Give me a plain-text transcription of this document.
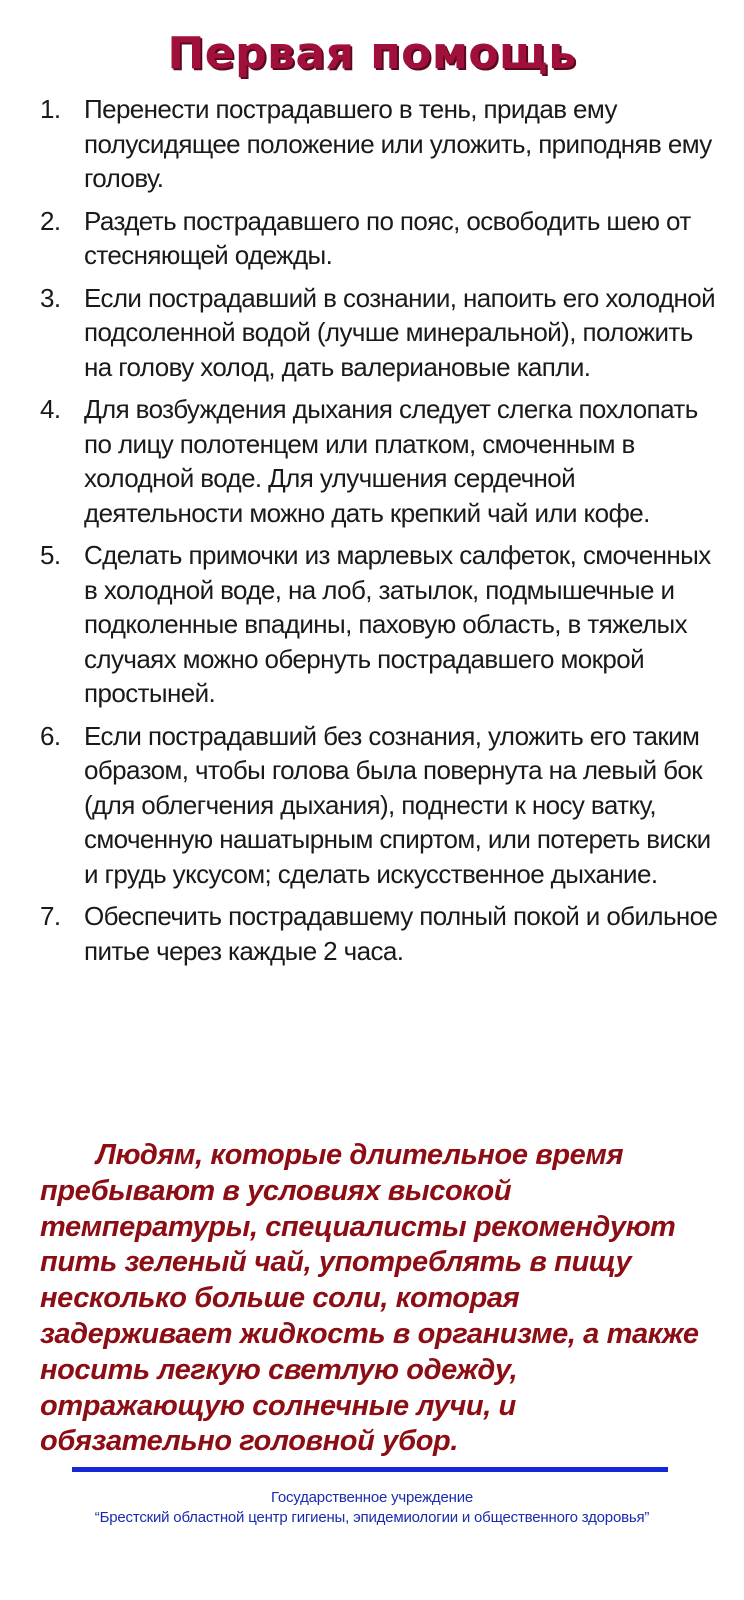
Первая помощь
1. Перенести пострадавшего в тень, придав ему полусидящее положение или уложить, приподняв ему голову.
2. Раздеть пострадавшего по пояс, освободить шею от стесняющей одежды.
3. Если пострадавший в сознании, напоить его холодной подсоленной водой (лучше минеральной), положить на голову холод, дать валериановые капли.
4. Для возбуждения дыхания следует слегка похлопать по лицу полотенцем или платком, смоченным в холодной воде. Для улучшения сердечной деятельности можно дать крепкий чай или кофе.
5. Сделать примочки из марлевых салфеток, смоченных в холодной воде, на лоб, затылок, подмышечные и подколенные впадины, паховую область, в тяжелых случаях можно обернуть пострадавшего мокрой простыней.
6. Если пострадавший без сознания, уложить его таким образом, чтобы голова была повернута на левый бок (для облегчения дыхания), поднести к носу ватку, смоченную нашатырным спиртом, или потереть виски и грудь уксусом; сделать искусственное дыхание.
7. Обеспечить пострадавшему полный покой и обильное питье через каждые 2 часа.

Людям, которые длительное время пребывают в условиях высокой температуры, специалисты рекомендуют пить зеленый чай, употреблять в пищу несколько больше соли, которая задерживает жидкость в организме, а также носить легкую светлую одежду, отражающую солнечные лучи, и обязательно головной убор.

Государственное учреждение
“Брестский областной центр гигиены, эпидемиологии и общественного здоровья”
